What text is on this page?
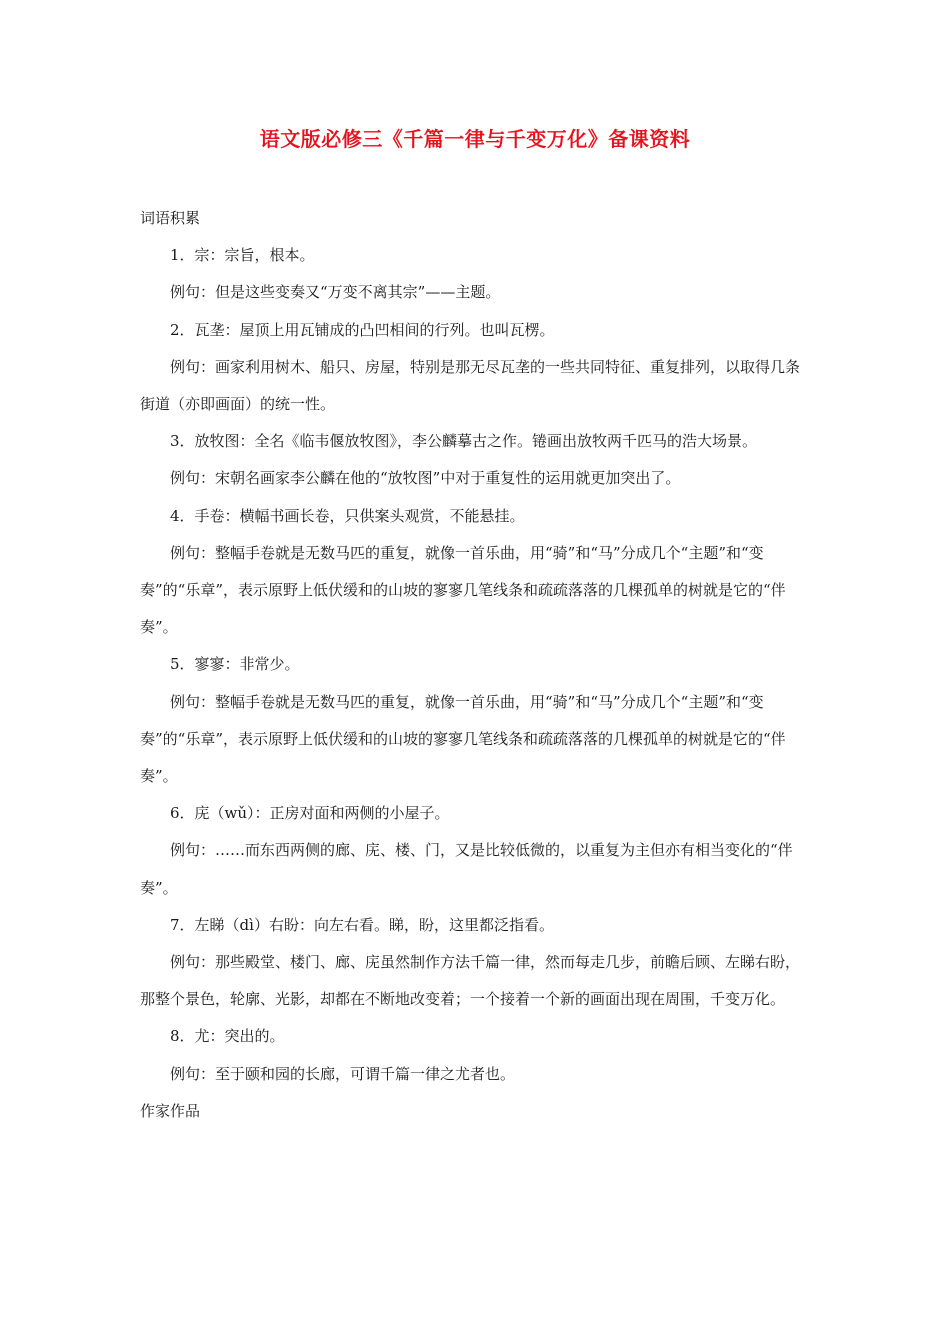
语文版必修三《千篇一律与千变万化》备课资料

词语积累

1．宗：宗旨，根本。

例句：但是这些变奏又“万变不离其宗”——主题。

2．瓦垄：屋顶上用瓦铺成的凸凹相间的行列。也叫瓦楞。

例句：画家利用树木、船只、房屋，特别是那无尽瓦垄的一些共同特征、重复排列，以取得几条街道（亦即画面）的统一性。

3．放牧图：全名《临韦偃放牧图》，李公麟摹古之作。锩画出放牧两千匹马的浩大场景。

例句：宋朝名画家李公麟在他的“放牧图”中对于重复性的运用就更加突出了。

4．手卷：横幅书画长卷，只供案头观赏，不能悬挂。

例句：整幅手卷就是无数马匹的重复，就像一首乐曲，用“骑”和“马”分成几个“主题”和“变奏”的“乐章”，表示原野上低伏缓和的山坡的寥寥几笔线条和疏疏落落的几棵孤单的树就是它的“伴奏”。

5．寥寥：非常少。

例句：整幅手卷就是无数马匹的重复，就像一首乐曲，用“骑”和“马”分成几个“主题”和“变奏”的“乐章”，表示原野上低伏缓和的山坡的寥寥几笔线条和疏疏落落的几棵孤单的树就是它的“伴奏”。

6．庑（wǔ）：正房对面和两侧的小屋子。

例句：……而东西两侧的廊、庑、楼、门，又是比较低微的，以重复为主但亦有相当变化的“伴奏”。

7．左睇（dì）右盼：向左右看。睇，盼，这里都泛指看。

例句：那些殿堂、楼门、廊、庑虽然制作方法千篇一律，然而每走几步，前瞻后顾、左睇右盼，那整个景色，轮廓、光影，却都在不断地改变着；一个接着一个新的画面出现在周围，千变万化。

8．尤：突出的。

例句：至于颐和园的长廊，可谓千篇一律之尤者也。

作家作品
